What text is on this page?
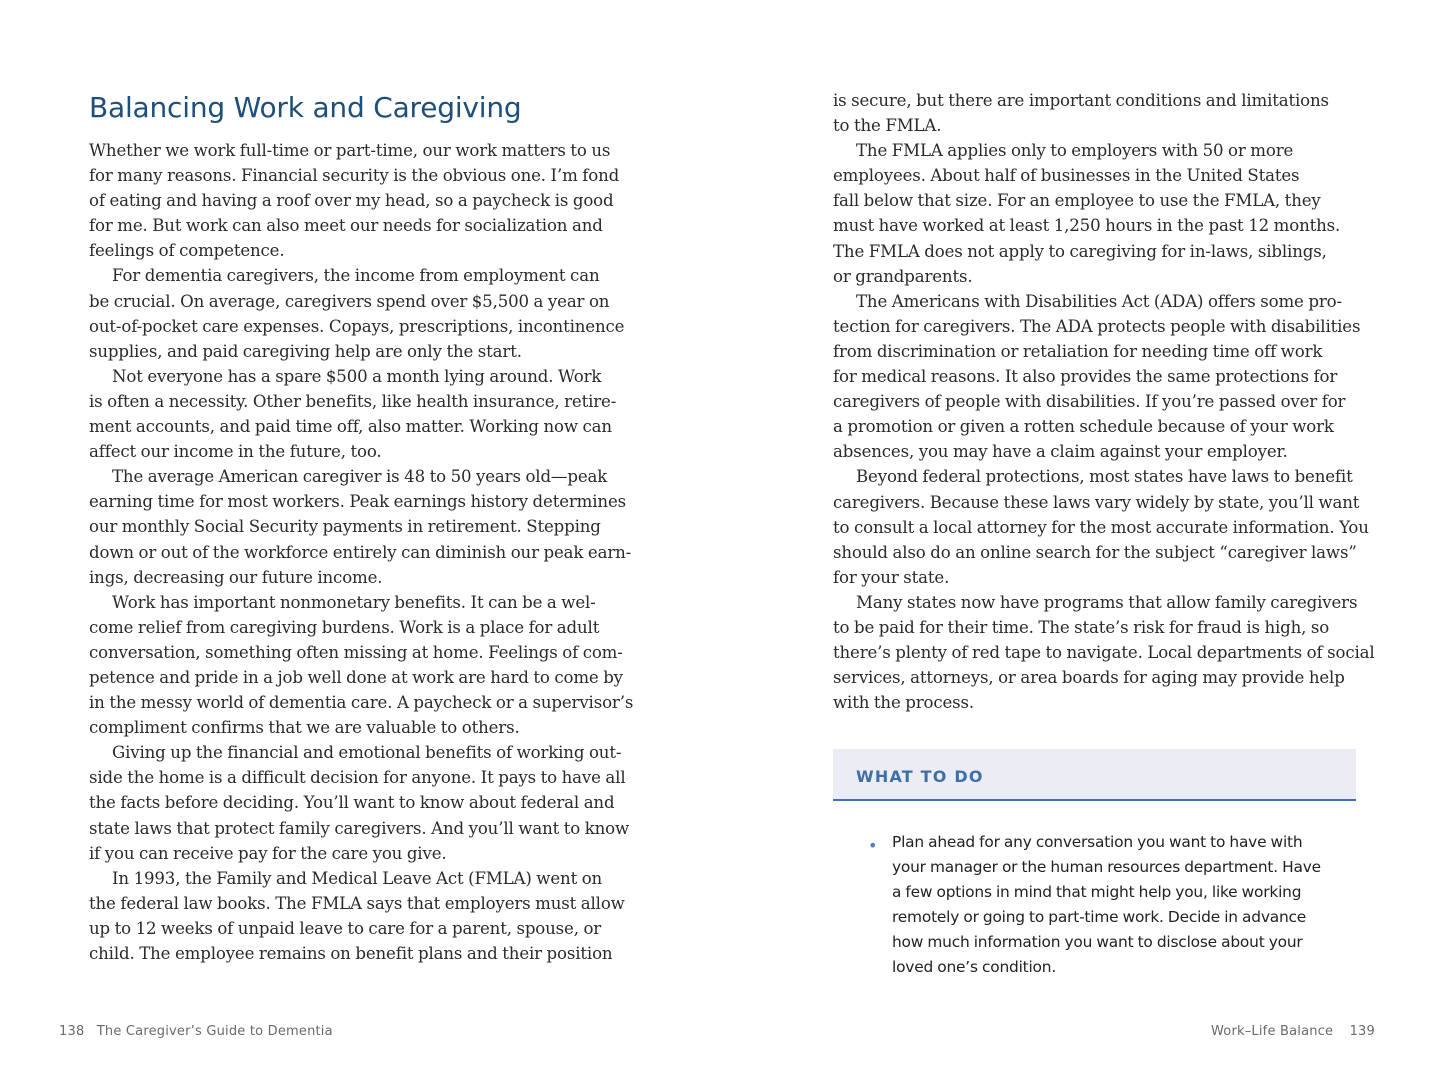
Balancing Work and Caregiving

Whether we work full-time or part-time, our work matters to us
for many reasons. Financial security is the obvious one. I’m fond
of eating and having a roof over my head, so a paycheck is good
for me. But work can also meet our needs for socialization and
feelings of competence.

For dementia caregivers, the income from employment can
be crucial. On average, caregivers spend over $5,500 a year on
out-of-pocket care expenses. Copays, prescriptions, incontinence
supplies, and paid caregiving help are only the start.

Not everyone has a spare $500 a month lying around. Work
is often a necessity. Other benefits, like health insurance, retire-
ment accounts, and paid time off, also matter. Working now can
affect our income in the future, too.

The average American caregiver is 48 to 50 years old—peak
earning time for most workers. Peak earnings history determines
our monthly Social Security payments in retirement. Stepping
down or out of the workforce entirely can diminish our peak earn-
ings, decreasing our future income.

Work has important nonmonetary benefits. It can be a wel-
come relief from caregiving burdens. Work is a place for adult
conversation, something often missing at home. Feelings of com-
petence and pride in a job well done at work are hard to come by
in the messy world of dementia care. A paycheck or a supervisor’s
compliment confirms that we are valuable to others.

Giving up the financial and emotional benefits of working out-
side the home is a difficult decision for anyone. It pays to have all
the facts before deciding. You’ll want to know about federal and
state laws that protect family caregivers. And you’ll want to know
if you can receive pay for the care you give.

In 1993, the Family and Medical Leave Act (FMLA) went on
the federal law books. The FMLA says that employers must allow
up to 12 weeks of unpaid leave to care for a parent, spouse, or
child. The employee remains on benefit plans and their position

is secure, but there are important conditions and limitations
to the FMLA.

The FMLA applies only to employers with 50 or more
employees. About half of businesses in the United States
fall below that size. For an employee to use the FMLA, they
must have worked at least 1,250 hours in the past 12 months.
The FMLA does not apply to caregiving for in-laws, siblings,
or grandparents.

The Americans with Disabilities Act (ADA) offers some pro-
tection for caregivers. The ADA protects people with disabilities
from discrimination or retaliation for needing time off work
for medical reasons. It also provides the same protections for
caregivers of people with disabilities. If you’re passed over for
a promotion or given a rotten schedule because of your work
absences, you may have a claim against your employer.

Beyond federal protections, most states have laws to benefit
caregivers. Because these laws vary widely by state, you’ll want
to consult a local attorney for the most accurate information. You
should also do an online search for the subject “caregiver laws”
for your state.

Many states now have programs that allow family caregivers
to be paid for their time. The state’s risk for fraud is high, so
there’s plenty of red tape to navigate. Local departments of social
services, attorneys, or area boards for aging may provide help
with the process.

WHAT TO DO
• Plan ahead for any conversation you want to have with
your manager or the human resources department. Have
a few options in mind that might help you, like working
remotely or going to part-time work. Decide in advance
how much information you want to disclose about your
loved one’s condition.
138 The Caregiver’s Guide to Dementia	Work–Life Balance 139
